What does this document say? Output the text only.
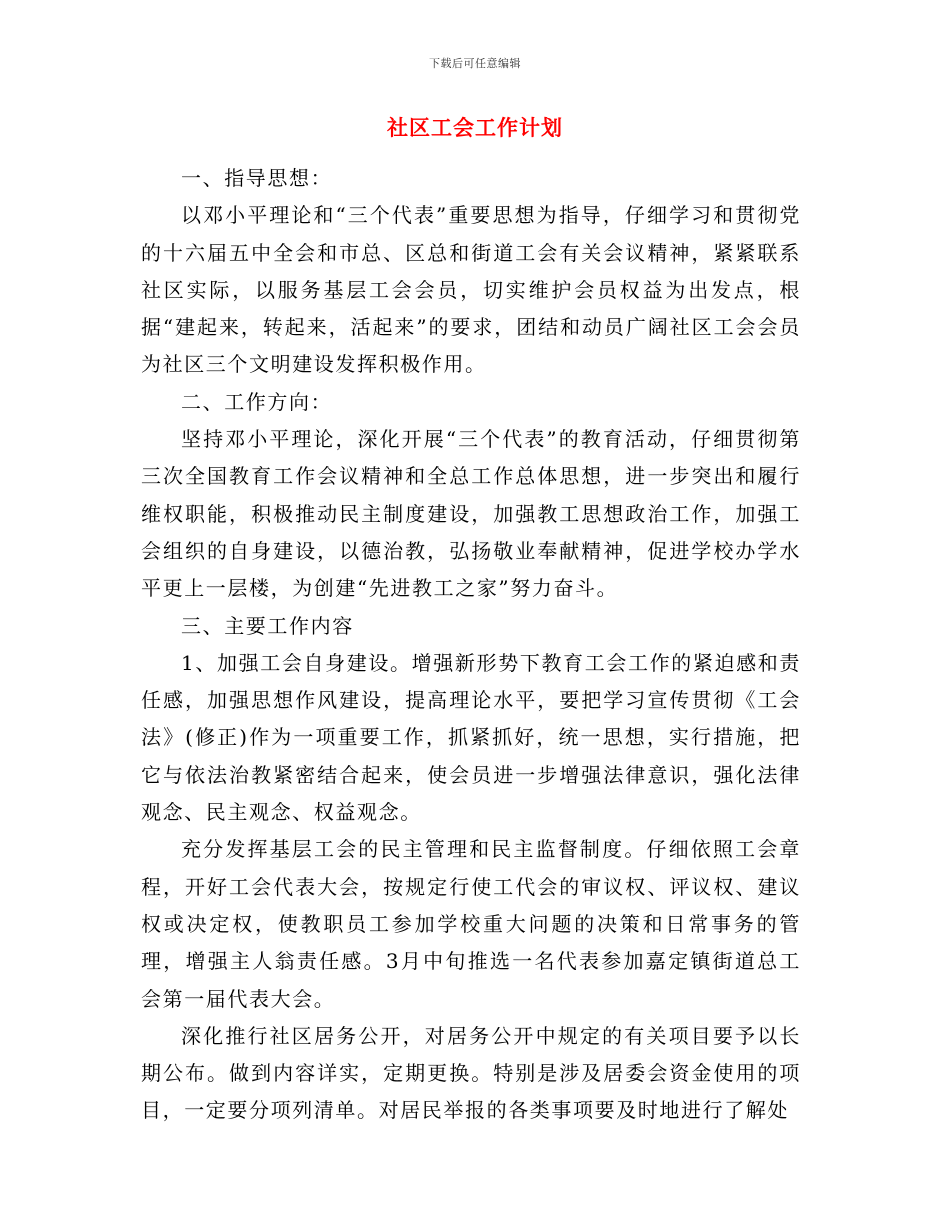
下载后可任意编辑
社区工会工作计划

一、指导思想：

以邓小平理论和“三个代表”重要思想为指导，仔细学习和贯彻党的十六届五中全会和市总、区总和街道工会有关会议精神，紧紧联系社区实际，以服务基层工会会员，切实维护会员权益为出发点，根据“建起来，转起来，活起来”的要求，团结和动员广阔社区工会会员为社区三个文明建设发挥积极作用。

二、工作方向：

坚持邓小平理论，深化开展“三个代表”的教育活动，仔细贯彻第三次全国教育工作会议精神和全总工作总体思想，进一步突出和履行维权职能，积极推动民主制度建设，加强教工思想政治工作，加强工会组织的自身建设，以德治教，弘扬敬业奉献精神，促进学校办学水平更上一层楼，为创建“先进教工之家”努力奋斗。

三、主要工作内容

1、加强工会自身建设。增强新形势下教育工会工作的紧迫感和责任感，加强思想作风建设，提高理论水平，要把学习宣传贯彻《工会法》(修正)作为一项重要工作，抓紧抓好，统一思想，实行措施，把它与依法治教紧密结合起来，使会员进一步增强法律意识，强化法律观念、民主观念、权益观念。

充分发挥基层工会的民主管理和民主监督制度。仔细依照工会章程，开好工会代表大会，按规定行使工代会的审议权、评议权、建议权或决定权，使教职员工参加学校重大问题的决策和日常事务的管理，增强主人翁责任感。3月中旬推选一名代表参加嘉定镇街道总工会第一届代表大会。

深化推行社区居务公开，对居务公开中规定的有关项目要予以长期公布。做到内容详实，定期更换。特别是涉及居委会资金使用的项目，一定要分项列清单。对居民举报的各类事项要及时地进行了解处
